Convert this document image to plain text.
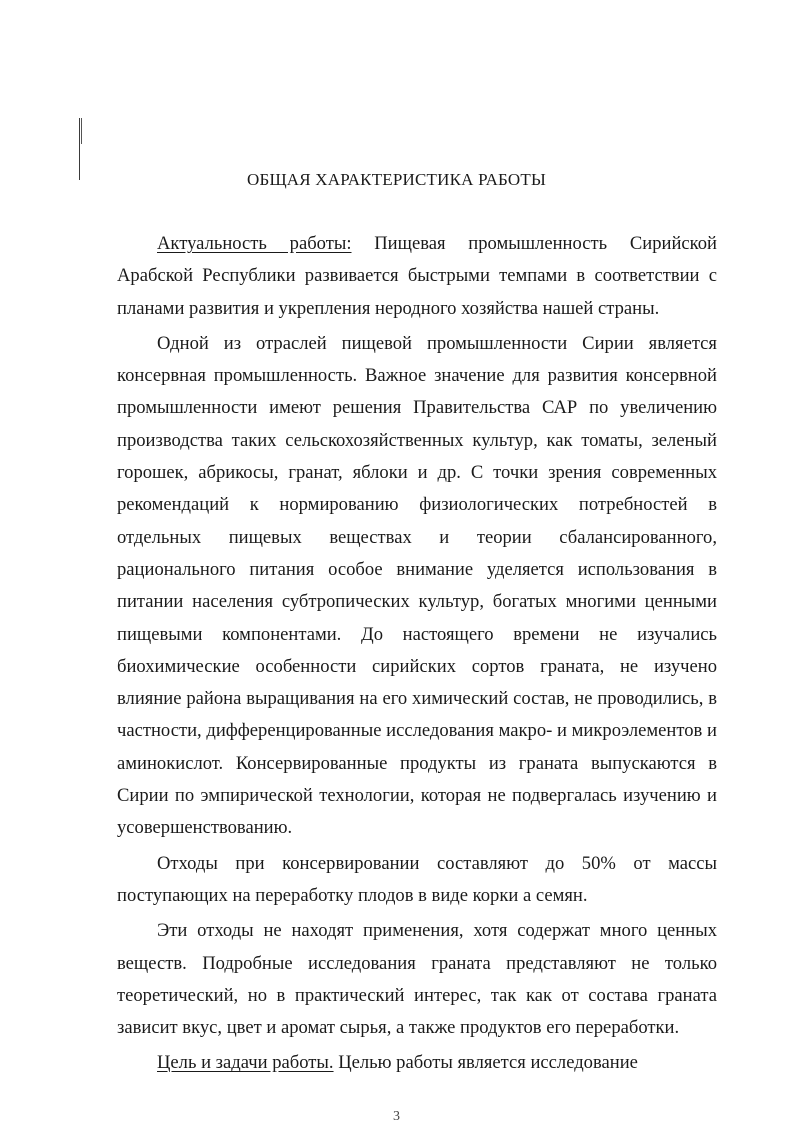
ОБЩАЯ ХАРАКТЕРИСТИКА РАБОТЫ

Актуальность работы: Пищевая промышленность Сирийской Арабской Республики развивается быстрыми темпами в соответствии с планами развития и укрепления неродного хозяйства нашей страны.

Одной из отраслей пищевой промышленности Сирии является консервная промышленность. Важное значение для развития консервной промышленности имеют решения Правительства САР по увеличению производства таких сельскохозяйственных культур, как томаты, зеленый горошек, абрикосы, гранат, яблоки и др. С точки зрения современных рекомендаций к нормированию физиологических потребностей в отдельных пищевых веществах и теории сбалансированного, рационального питания особое внимание уделяется использования в питании населения субтропических культур, богатых многими ценными пищевыми компонентами. До настоящего времени не изучались биохимические особенности сирийских сортов граната, не изучено влияние района выращивания на его химический состав, не проводились, в частности, дифференцированные исследования макро- и микроэлементов и аминокислот. Консервированные продукты из граната выпускаются в Сирии по эмпирической технологии, которая не подвергалась изучению и усовершенствованию.

Отходы при консервировании составляют до 50% от массы поступающих на переработку плодов в виде корки а семян.

Эти отходы не находят применения, хотя содержат много ценных веществ. Подробные исследования граната представляют не только теоретический, но в практический интерес, так как от состава граната зависит вкус, цвет и аромат сырья, а также продуктов его переработки.

Цель и задачи работы. Целью работы является исследование

3
